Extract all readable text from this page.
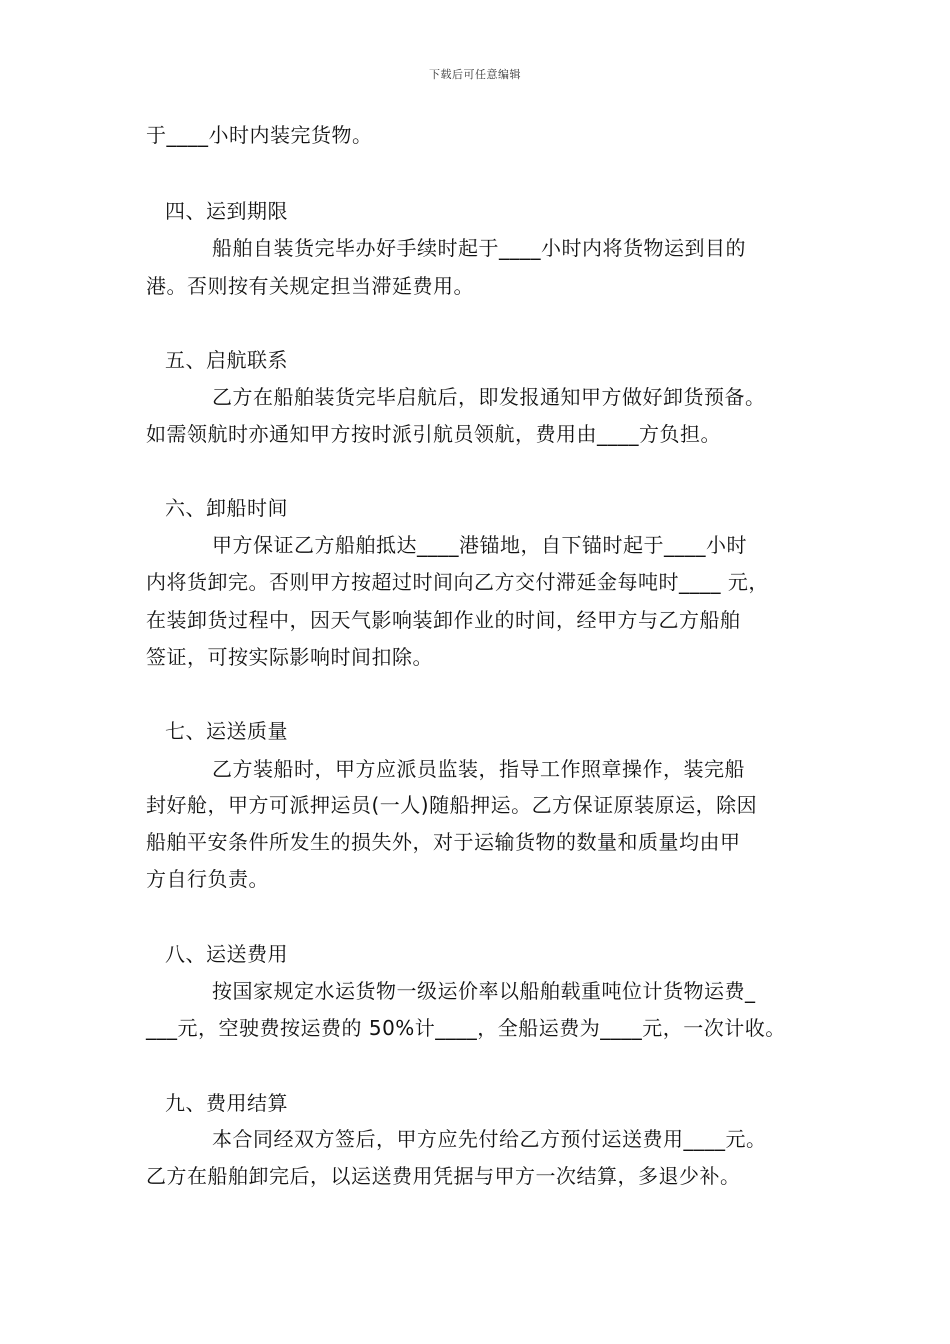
下载后可任意编辑
于____小时内装完货物。
四、运到期限
船舶自装货完毕办好手续时起于____小时内将货物运到目的
港。否则按有关规定担当滞延费用。
五、启航联系
乙方在船舶装货完毕启航后，即发报通知甲方做好卸货预备。
如需领航时亦通知甲方按时派引航员领航，费用由____方负担。
六、卸船时间
甲方保证乙方船舶抵达____港锚地，自下锚时起于____小时
内将货卸完。否则甲方按超过时间向乙方交付滞延金每吨时____ 元，
在装卸货过程中，因天气影响装卸作业的时间，经甲方与乙方船舶
签证，可按实际影响时间扣除。
七、运送质量
乙方装船时，甲方应派员监装，指导工作照章操作，装完船
封好舱，甲方可派押运员(一人)随船押运。乙方保证原装原运，除因
船舶平安条件所发生的损失外，对于运输货物的数量和质量均由甲
方自行负责。
八、运送费用
按国家规定水运货物一级运价率以船舶载重吨位计货物运费_
___元，空驶费按运费的 50%计____，全船运费为____元，一次计收。
九、费用结算
本合同经双方签后，甲方应先付给乙方预付运送费用____元。
乙方在船舶卸完后，以运送费用凭据与甲方一次结算，多退少补。
